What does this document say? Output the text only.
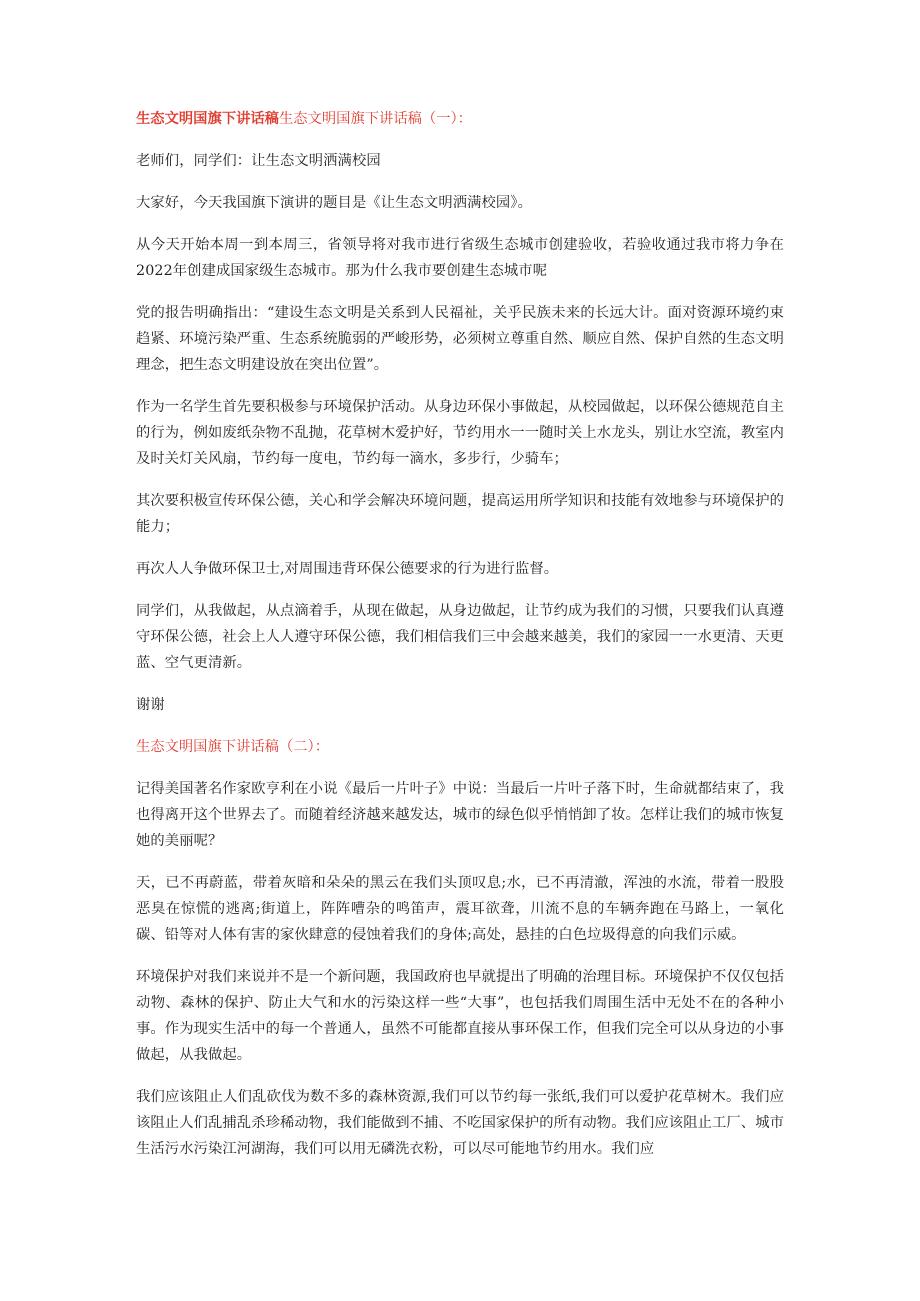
生态文明国旗下讲话稿生态文明国旗下讲话稿（一）：

老师们，同学们：让生态文明洒满校园

大家好，今天我国旗下演讲的题目是《让生态文明洒满校园》。

从今天开始本周一到本周三，省领导将对我市进行省级生态城市创建验收，若验收通过我市将力争在2022年创建成国家级生态城市。那为什么我市要创建生态城市呢

党的报告明确指出：“建设生态文明是关系到人民福祉，关乎民族未来的长远大计。面对资源环境约束趋紧、环境污染严重、生态系统脆弱的严峻形势，必须树立尊重自然、顺应自然、保护自然的生态文明理念，把生态文明建设放在突出位置”。

作为一名学生首先要积极参与环境保护活动。从身边环保小事做起，从校园做起，以环保公德规范自主的行为，例如废纸杂物不乱抛，花草树木爱护好，节约用水一一随时关上水龙头，别让水空流，教室内及时关灯关风扇，节约每一度电，节约每一滴水，多步行，少骑车；

其次要积极宣传环保公德，关心和学会解决环境问题，提高运用所学知识和技能有效地参与环境保护的能力；

再次人人争做环保卫士,对周围违背环保公德要求的行为进行监督。

同学们，从我做起，从点滴着手，从现在做起，从身边做起，让节约成为我们的习惯，只要我们认真遵守环保公德，社会上人人遵守环保公德，我们相信我们三中会越来越美，我们的家园一一水更清、天更蓝、空气更清新。

谢谢

生态文明国旗下讲话稿（二）：

记得美国著名作家欧亨利在小说《最后一片叶子》中说：当最后一片叶子落下时，生命就都结束了，我也得离开这个世界去了。而随着经济越来越发达，城市的绿色似乎悄悄卸了妆。怎样让我们的城市恢复她的美丽呢？

天，已不再蔚蓝，带着灰暗和朵朵的黑云在我们头顶叹息;水，已不再清澈，浑浊的水流，带着一股股恶臭在惊慌的逃离;街道上，阵阵嘈杂的鸣笛声，震耳欲聋，川流不息的车辆奔跑在马路上，一氧化碳、铅等对人体有害的家伙肆意的侵蚀着我们的身体;高处，悬挂的白色垃圾得意的向我们示威。

环境保护对我们来说并不是一个新问题，我国政府也早就提出了明确的治理目标。环境保护不仅仅包括动物、森林的保护、防止大气和水的污染这样一些“大事”，也包括我们周围生活中无处不在的各种小事。作为现实生活中的每一个普通人，虽然不可能都直接从事环保工作，但我们完全可以从身边的小事做起，从我做起。

我们应该阻止人们乱砍伐为数不多的森林资源,我们可以节约每一张纸,我们可以爱护花草树木。我们应该阻止人们乱捕乱杀珍稀动物，我们能做到不捕、不吃国家保护的所有动物。我们应该阻止工厂、城市生活污水污染江河湖海，我们可以用无磷洗衣粉，可以尽可能地节约用水。我们应
